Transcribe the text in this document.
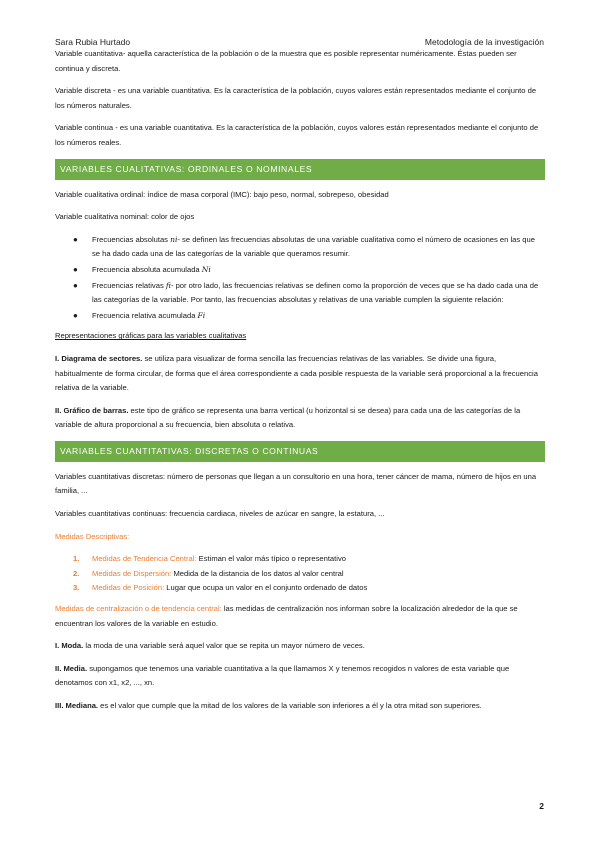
Sara Rubia Hurtado	Metodología de la investigación

Variable cuantitativa- aquella característica de la población o de la muestra que es posible representar numéricamente. Éstas pueden ser continua y discreta.

Variable discreta - es una variable cuantitativa. Es la característica de la población, cuyos valores están representados mediante el conjunto de los números naturales.

Variable continua - es una variable cuantitativa. Es la característica de la población, cuyos valores están representados mediante el conjunto de los números reales.

VARIABLES CUALITATIVAS: ORDINALES O NOMINALES

Variable cualitativa ordinal: índice de masa corporal (IMC): bajo peso, normal, sobrepeso, obesidad

Variable cualitativa nominal: color de ojos

● Frecuencias absolutas ni- se definen las frecuencias absolutas de una variable cualitativa como el número de ocasiones en las que se ha dado cada una de las categorías de la variable que queramos resumir.
● Frecuencia absoluta acumulada Ni
● Frecuencias relativas fi- por otro lado, las frecuencias relativas se definen como la proporción de veces que se ha dado cada una de las categorías de la variable. Por tanto, las frecuencias absolutas y relativas de una variable cumplen la siguiente relación:
● Frecuencia relativa acumulada Fi

Representaciones gráficas para las variables cualitativas

I. Diagrama de sectores. se utiliza para visualizar de forma sencilla las frecuencias relativas de las variables. Se divide una figura, habitualmente de forma circular, de forma que el área correspondiente a cada posible respuesta de la variable será proporcional a la frecuencia relativa de la variable.

II. Gráfico de barras. este tipo de gráfico se representa una barra vertical (u horizontal si se desea) para cada una de las categorías de la variable de altura proporcional a su frecuencia, bien absoluta o relativa.

VARIABLES CUANTITATIVAS: DISCRETAS O CONTINUAS

Variables cuantitativas discretas: número de personas que llegan a un consultorio en una hora, tener cáncer de mama, número de hijos en una familia, ...

Variables cuantitativas continuas: frecuencia cardiaca, niveles de azúcar en sangre, la estatura, ...

Medidas Descriptivas:

1. Medidas de Tendencia Central: Estiman el valor más típico o representativo
2. Medidas de Dispersión: Medida de la distancia de los datos al valor central
3. Medidas de Posición: Lugar que ocupa un valor en el conjunto ordenado de datos

Medidas de centralización o de tendencia central: las medidas de centralización nos informan sobre la localización alrededor de la que se encuentran los valores de la variable en estudio.

I. Moda. la moda de una variable será aquel valor que se repita un mayor número de veces.

II. Media. supongamos que tenemos una variable cuantitativa a la que llamamos X y tenemos recogidos n valores de esta variable que denotamos con x1, x2, ..., xn.

III. Mediana. es el valor que cumple que la mitad de los valores de la variable son inferiores a él y la otra mitad son superiores.

2
